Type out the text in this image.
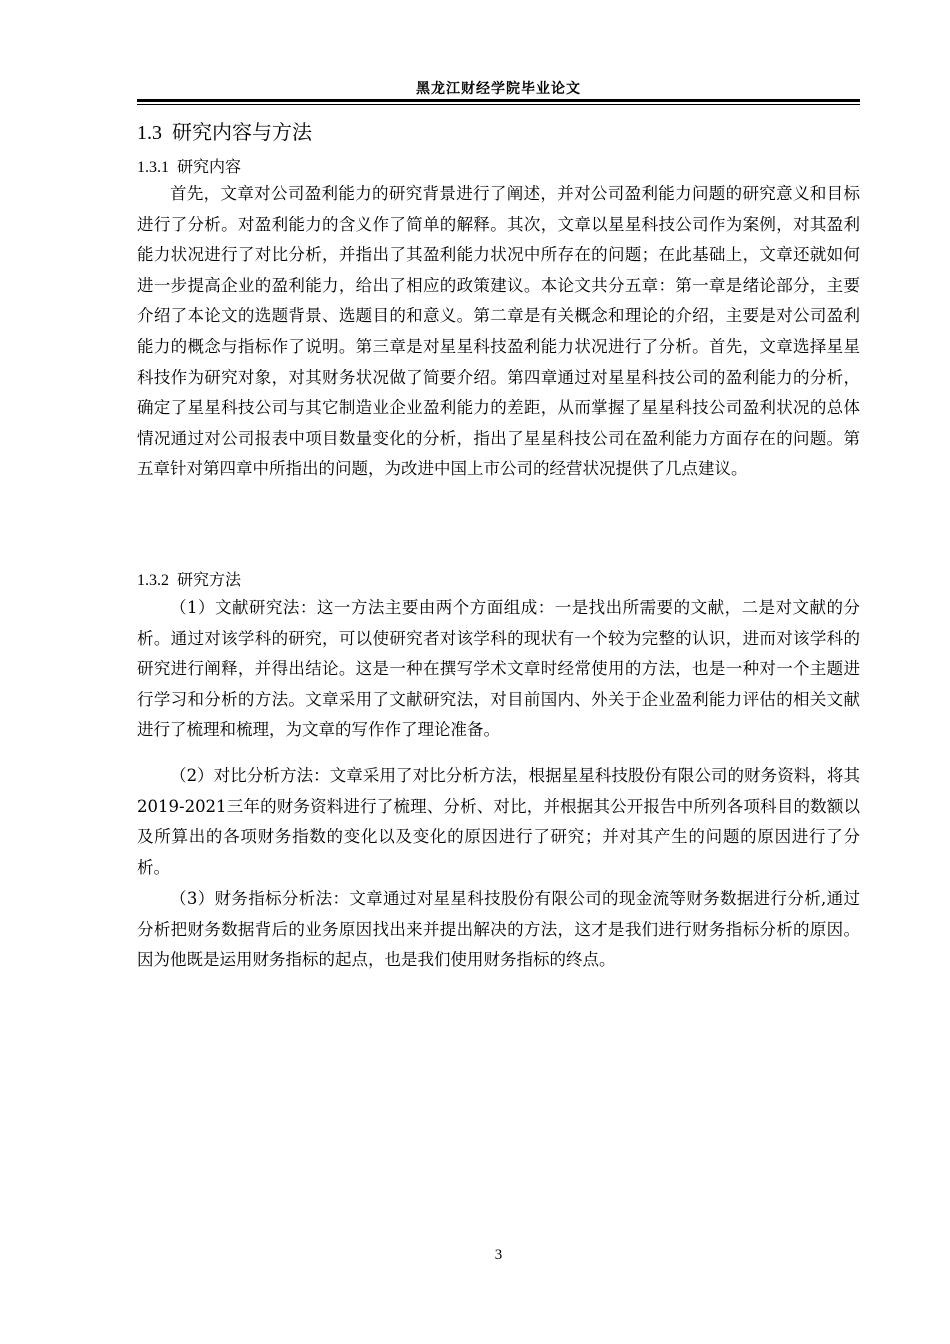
黑龙江财经学院毕业论文
1.3 研究内容与方法
1.3.1 研究内容

首先，文章对公司盈利能力的研究背景进行了阐述，并对公司盈利能力问题的研究意义和目标进行了分析。对盈利能力的含义作了简单的解释。其次，文章以星星科技公司作为案例，对其盈利能力状况进行了对比分析，并指出了其盈利能力状况中所存在的问题；在此基础上，文章还就如何进一步提高企业的盈利能力，给出了相应的政策建议。本论文共分五章：第一章是绪论部分，主要介绍了本论文的选题背景、选题目的和意义。第二章是有关概念和理论的介绍，主要是对公司盈利能力的概念与指标作了说明。第三章是对星星科技盈利能力状况进行了分析。首先，文章选择星星科技作为研究对象，对其财务状况做了简要介绍。第四章通过对星星科技公司的盈利能力的分析，确定了星星科技公司与其它制造业企业盈利能力的差距，从而掌握了星星科技公司盈利状况的总体情况通过对公司报表中项目数量变化的分析，指出了星星科技公司在盈利能力方面存在的问题。第五章针对第四章中所指出的问题，为改进中国上市公司的经营状况提供了几点建议。

1.3.2 研究方法

（1）文献研究法：这一方法主要由两个方面组成：一是找出所需要的文献，二是对文献的分析。通过对该学科的研究，可以使研究者对该学科的现状有一个较为完整的认识，进而对该学科的研究进行阐释，并得出结论。这是一种在撰写学术文章时经常使用的方法，也是一种对一个主题进行学习和分析的方法。文章采用了文献研究法，对目前国内、外关于企业盈利能力评估的相关文献进行了梳理和梳理，为文章的写作作了理论准备。

（2）对比分析方法：文章采用了对比分析方法，根据星星科技股份有限公司的财务资料，将其2019-2021三年的财务资料进行了梳理、分析、对比，并根据其公开报告中所列各项科目的数额以及所算出的各项财务指数的变化以及变化的原因进行了研究；并对其产生的问题的原因进行了分析。

（3）财务指标分析法：文章通过对星星科技股份有限公司的现金流等财务数据进行分析,通过分析把财务数据背后的业务原因找出来并提出解决的方法，这才是我们进行财务指标分析的原因。因为他既是运用财务指标的起点，也是我们使用财务指标的终点。

3
